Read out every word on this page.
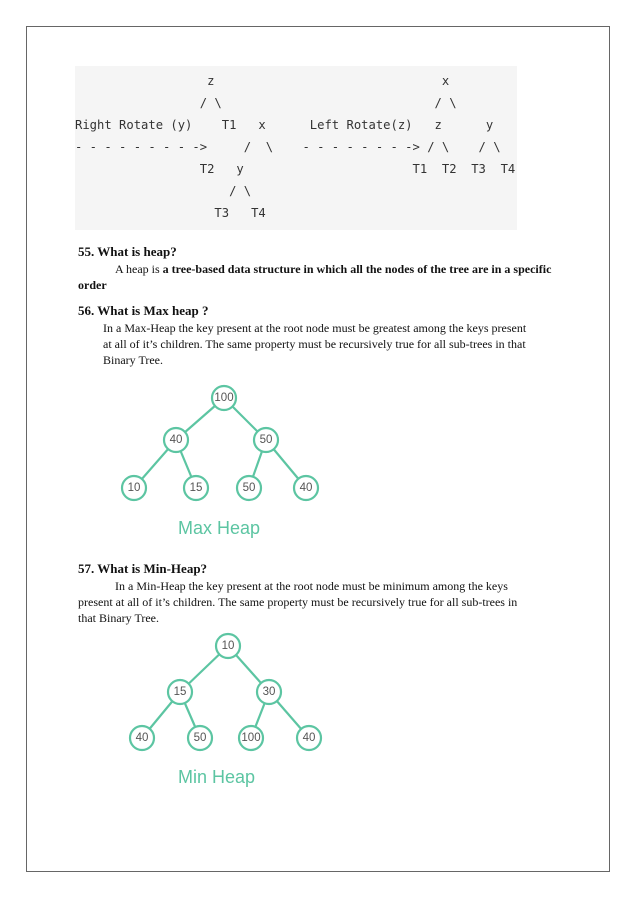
z                               x
/ \                             / \
Right Rotate (y)    T1   x      Left Rotate(z)   z      y
- - - - - - - - ->     /  \    - - - - - - - -> / \    / \
T2   y                       T1  T2  T3  T4
/ \
T3   T4
55. What is heap?
A heap is a tree-based data structure in which all the nodes of the tree are in a specific
order
56. What is Max heap ?
In a Max-Heap the key present at the root node must be greatest among the keys present
at all of it’s children. The same property must be recursively true for all sub-trees in that
Binary Tree.
100
40	50
10	15	50	40
Max Heap
57. What is Min-Heap?
In a Min-Heap the key present at the root node must be minimum among the keys
present at all of it’s children. The same property must be recursively true for all sub-trees in
that Binary Tree.
10
15	30
40	50	100	40
Min Heap
